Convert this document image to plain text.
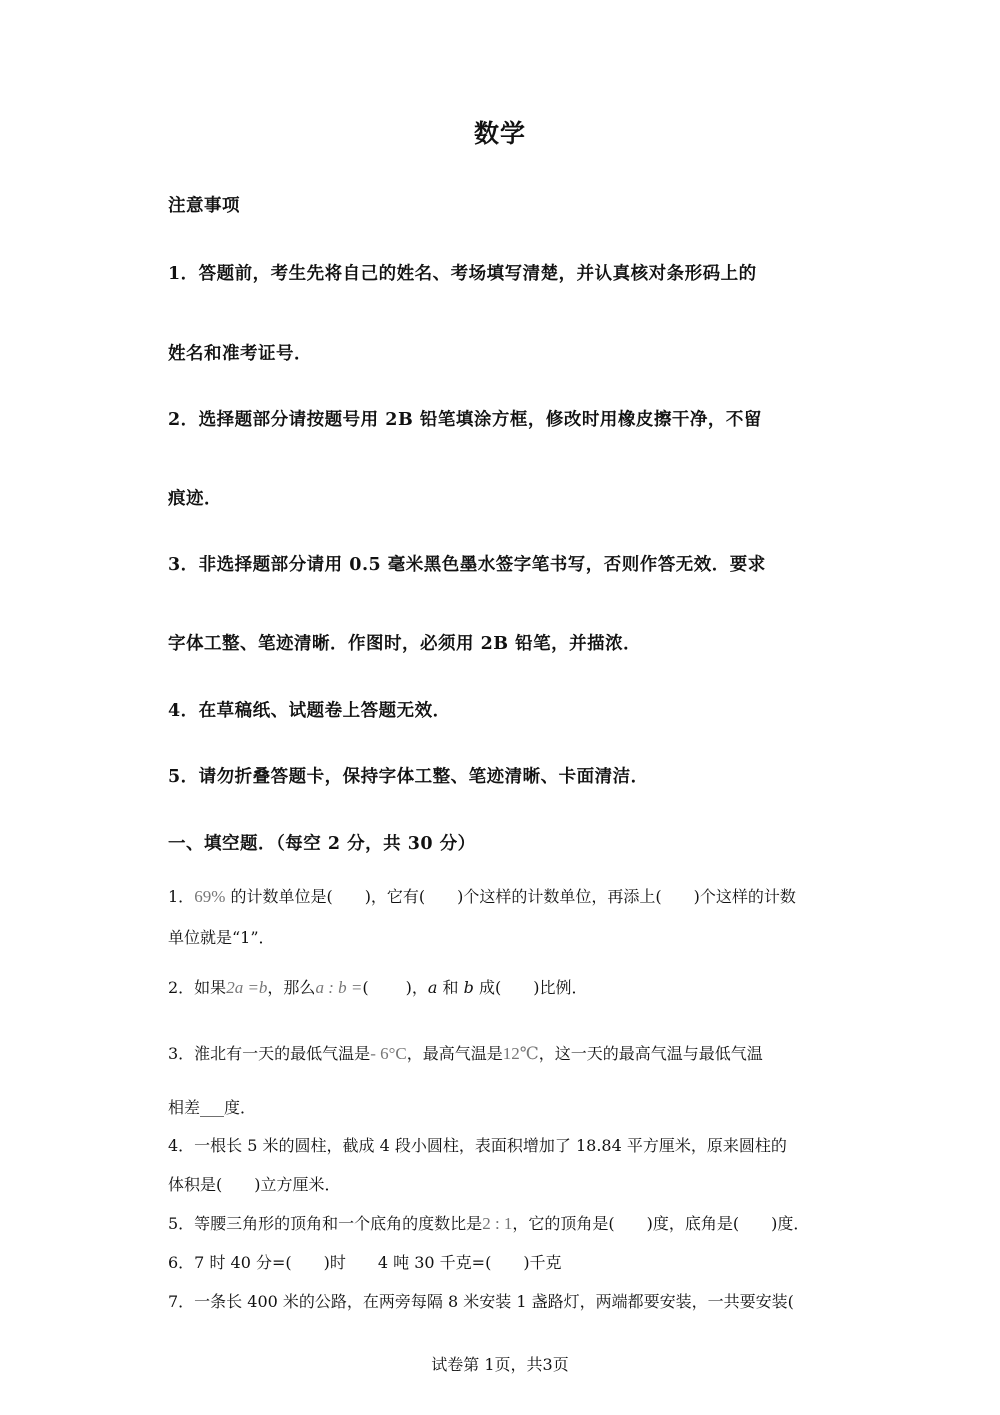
数学
注意事项
1．答题前，考生先将自己的姓名、考场填写清楚，并认真核对条形码上的
姓名和准考证号．
2．选择题部分请按题号用 2B 铅笔填涂方框，修改时用橡皮擦干净，不留
痕迹．
3．非选择题部分请用 0.5 毫米黑色墨水签字笔书写，否则作答无效．要求
字体工整、笔迹清晰．作图时，必须用 2B 铅笔，并描浓．
4．在草稿纸、试题卷上答题无效．
5．请勿折叠答题卡，保持字体工整、笔迹清晰、卡面清洁．
一、填空题．（每空 2 分，共 30 分）
1．69% 的计数单位是(　　)，它有(　　)个这样的计数单位，再添上(　　)个这样的计数
单位就是“1”．
2．如果2a =b，那么a : b =(　　 )，a 和 b 成(　　)比例．
3．淮北有一天的最低气温是- 6°C，最高气温是12℃，这一天的最高气温与最低气温
相差___度．
4．一根长 5 米的圆柱，截成 4 段小圆柱，表面积增加了 18.84 平方厘米，原来圆柱的
体积是(　　)立方厘米．
5．等腰三角形的顶角和一个底角的度数比是2 : 1，它的顶角是(　　)度，底角是(　　)度．
6．7 时 40 分=(　　)时　　4 吨 30 千克=(　　)千克
7．一条长 400 米的公路，在两旁每隔 8 米安装 1 盏路灯，两端都要安装，一共要安装(
试卷第 1页，共3页
